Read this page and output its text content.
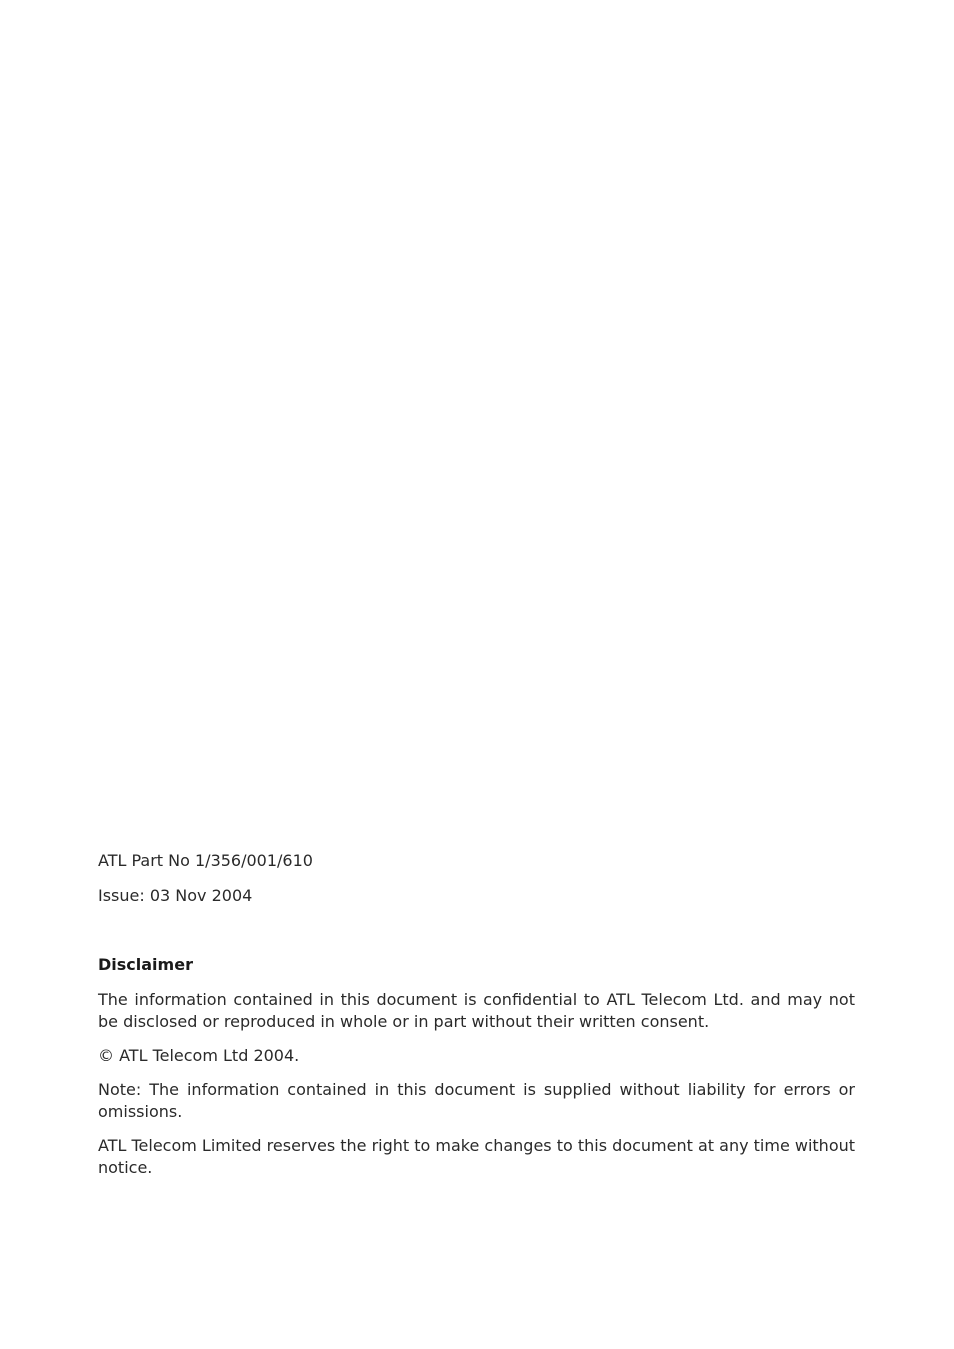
ATL Part No 1/356/001/610

Issue: 03 Nov 2004

Disclaimer

The information contained in this document is confidential to ATL Telecom Ltd. and may not be disclosed or reproduced in whole or in part without their written consent.

© ATL Telecom Ltd 2004.

Note: The information contained in this document is supplied without liability for errors or omissions.

ATL Telecom Limited reserves the right to make changes to this document at any time without notice.
